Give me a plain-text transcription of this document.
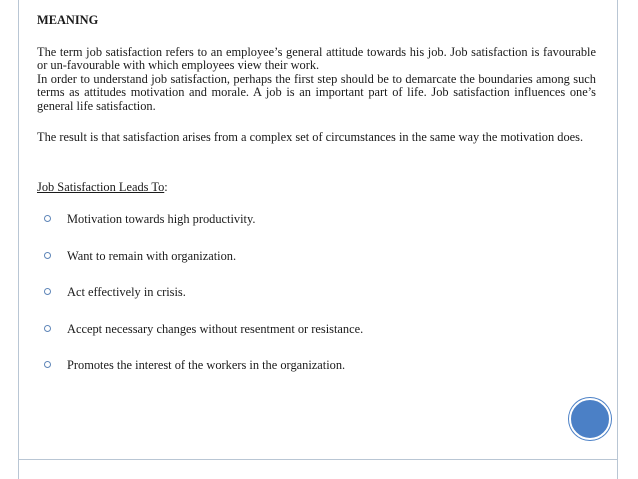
MEANING

The term job satisfaction refers to an employee’s general attitude towards his job. Job satisfaction is favourable or un-favourable with which employees view their work.

In order to understand job satisfaction, perhaps the first step should be to demarcate the boundaries among such terms as attitudes motivation and morale. A job is an important part of life. Job satisfaction influences one’s general life satisfaction.

The result is that satisfaction arises from a complex set of circumstances in the same way the motivation does.

Job Satisfaction Leads To:
Motivation towards high productivity.
Want to remain with organization.
Act effectively in crisis.
Accept necessary changes without resentment or resistance.
Promotes the interest of the workers in the organization.
